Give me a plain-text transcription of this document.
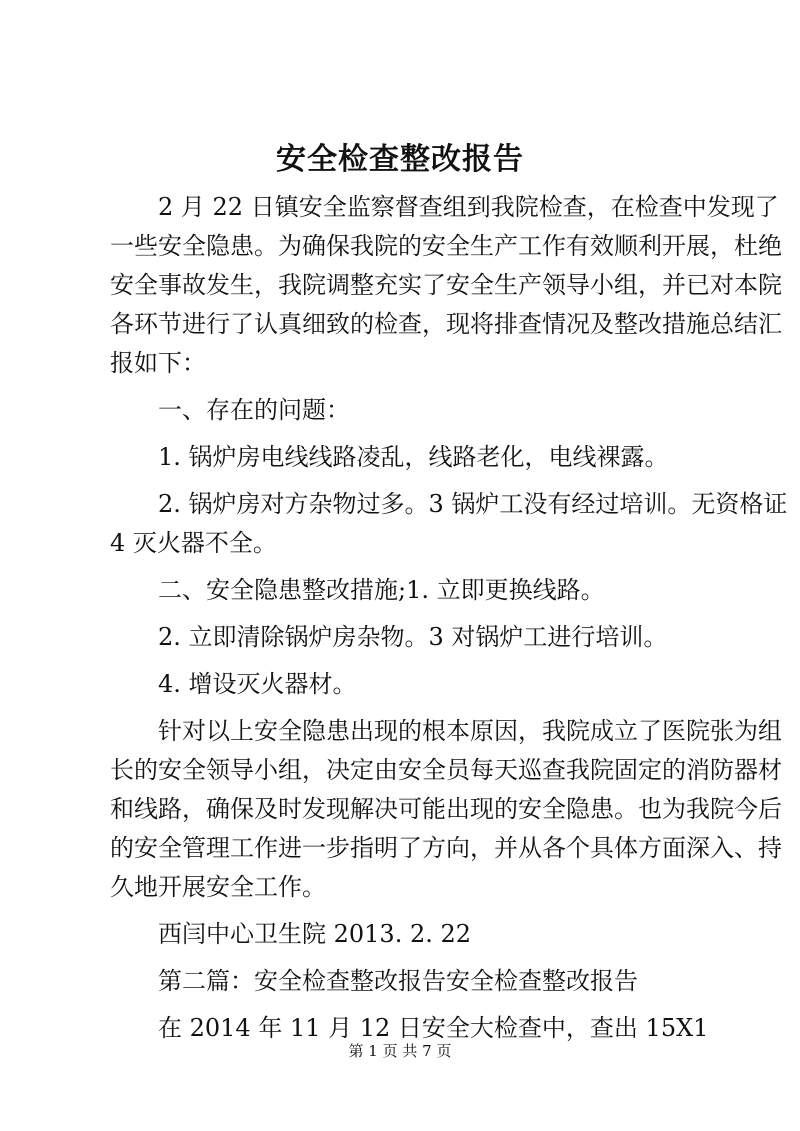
安全检查整改报告
2 月 22 日镇安全监察督查组到我院检查，在检查中发现了
一些安全隐患。为确保我院的安全生产工作有效顺利开展，杜绝
安全事故发生，我院调整充实了安全生产领导小组，并已对本院
各环节进行了认真细致的检查，现将排查情况及整改措施总结汇
报如下：
一、存在的问题：
1. 锅炉房电线线路凌乱，线路老化，电线裸露。
2. 锅炉房对方杂物过多。3 锅炉工没有经过培训。无资格证
4 灭火器不全。
二、安全隐患整改措施;1. 立即更换线路。
2. 立即清除锅炉房杂物。3 对锅炉工进行培训。
4. 增设灭火器材。
针对以上安全隐患出现的根本原因，我院成立了医院张为组
长的安全领导小组，决定由安全员每天巡查我院固定的消防器材
和线路，确保及时发现解决可能出现的安全隐患。也为我院今后
的安全管理工作进一步指明了方向，并从各个具体方面深入、持
久地开展安全工作。
西闫中心卫生院 2013. 2. 22
第二篇：安全检查整改报告安全检查整改报告
在 2014 年 11 月 12 日安全大检查中，查出 15X1
第 1 页 共 7 页
